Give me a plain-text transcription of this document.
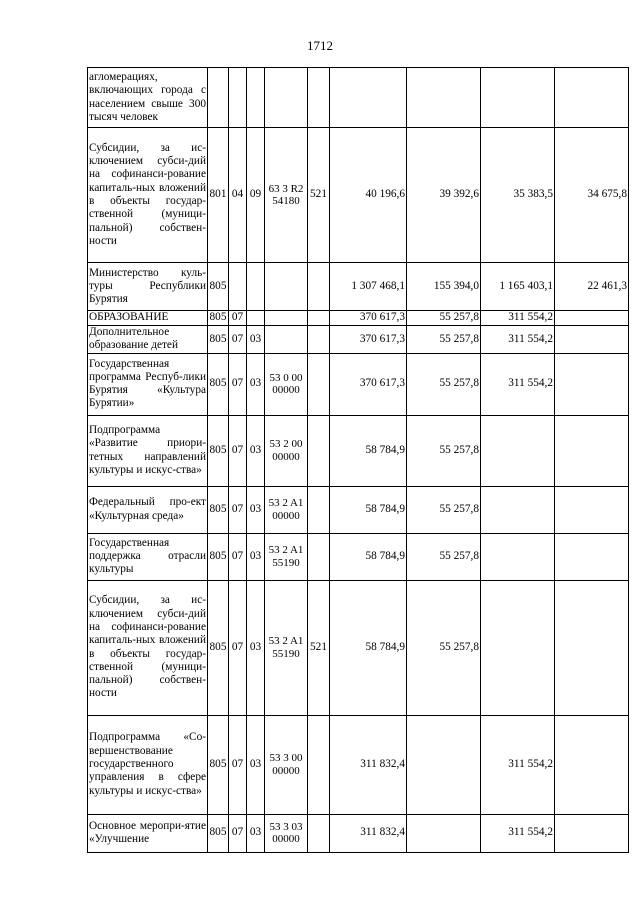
1712
агломерациях, включающих города с населением свыше 300 тысяч человек									
Субсидии, за ис-ключением субси-дий на софинанси-рование капиталь-ных вложений в объекты государ-ственной (муници-пальной) собствен-ности	801	04	09	63 3 R2 54180	521	40 196,6	39 392,6	35 383,5	34 675,8
Министерство куль-туры Республики Бурятия	805					1 307 468,1	155 394,0	1 165 403,1	22 461,3
ОБРАЗОВАНИЕ	805	07				370 617,3	55 257,8	311 554,2	
Дополнительное образование детей	805	07	03			370 617,3	55 257,8	311 554,2	
Государственная программа Респуб-лики Бурятия «Культура Бурятии»	805	07	03	53 0 00 00000		370 617,3	55 257,8	311 554,2	
Подпрограмма «Развитие приори-тетных направлений культуры и искус-ства»	805	07	03	53 2 00 00000		58 784,9	55 257,8		
Федеральный про-ект «Культурная среда»	805	07	03	53 2 A1 00000		58 784,9	55 257,8		
Государственная поддержка отрасли культуры	805	07	03	53 2 A1 55190		58 784,9	55 257,8		
Субсидии, за ис-ключением субси-дий на софинанси-рование капиталь-ных вложений в объекты государ-ственной (муници-пальной) собствен-ности	805	07	03	53 2 A1 55190	521	58 784,9	55 257,8		
Подпрограмма «Со-вершенствование государственного управления в сфере культуры и искус-ства»	805	07	03	53 3 00 00000		311 832,4		311 554,2	
Основное меропри-ятие «Улучшение	805	07	03	53 3 03 00000		311 832,4		311 554,2	
